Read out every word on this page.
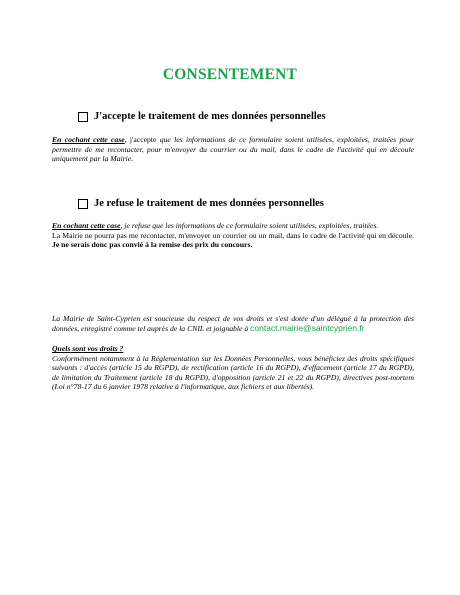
CONSENTEMENT
J'accepte le traitement de mes données personnelles
En cochant cette case, j'accepte que les informations de ce formulaire soient utilisées, exploitées, traitées pour permettre de me recontacter, pour m'envoyer du courrier ou du mail, dans le cadre de l'activité qui en découle uniquement par la Mairie.
Je refuse le traitement de mes données personnelles
En cochant cette case, je refuse que les informations de ce formulaire soient utilisées, exploitées, traitées.
La Mairie ne pourra pas me recontacter, m'envoyer un courrier ou un mail, dans le cadre de l'activité qui en découle. Je ne serais donc pas convié à la remise des prix du concours.
La Mairie de Saint-Cyprien est soucieuse du respect de vos droits et s'est dotée d'un délégué à la protection des données, enregistré comme tel auprès de la CNIL et joignable à contact.mairie@saintcyprien.fr
Quels sont vos droits ?
Conformément notamment à la Réglementation sur les Données Personnelles, vous bénéficiez des droits spécifiques suivants : d'accès (article 15 du RGPD), de rectification (article 16 du RGPD), d'effacement (article 17 du RGPD), de limitation du Traitement (article 18 du RGPD), d'opposition (article 21 et 22 du RGPD), directives post-mortem (Loi n°78-17 du 6 janvier 1978 relative à l'informatique, aux fichiers et aux libertés).
